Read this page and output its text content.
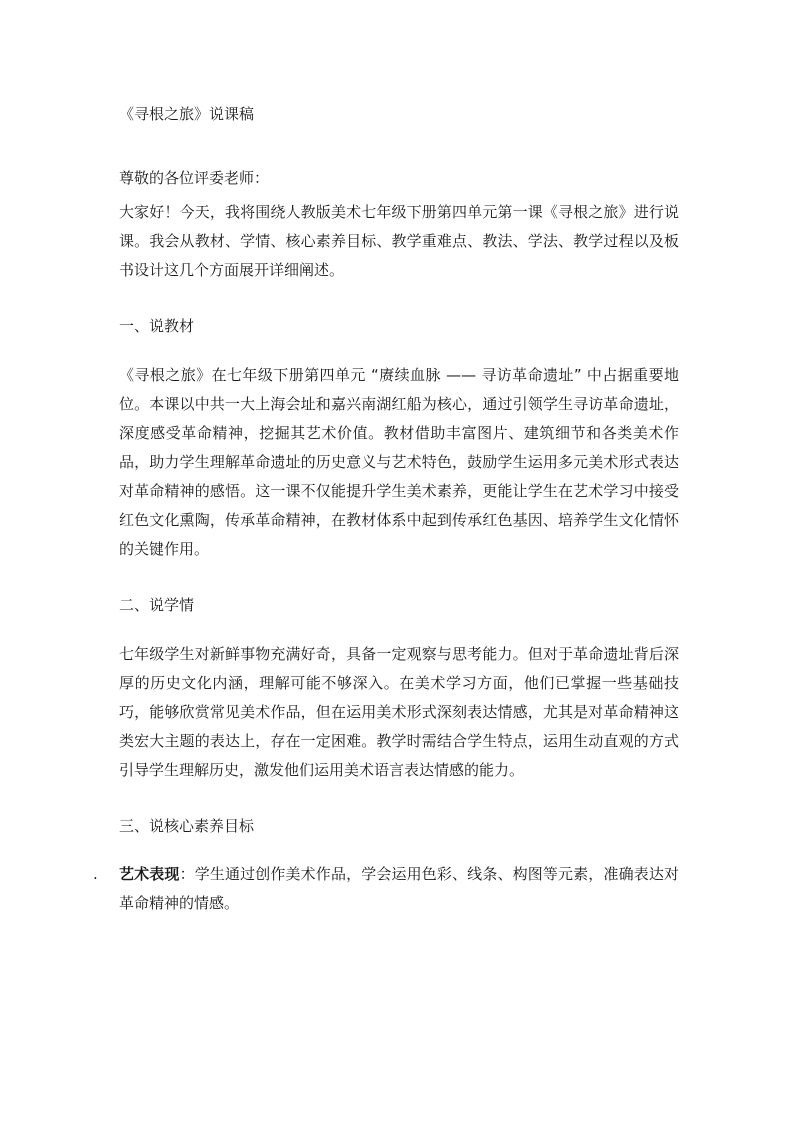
《寻根之旅》说课稿

尊敬的各位评委老师：

大家好！今天，我将围绕人教版美术七年级下册第四单元第一课《寻根之旅》进行说课。我会从教材、学情、核心素养目标、教学重难点、教法、学法、教学过程以及板书设计这几个方面展开详细阐述。

一、说教材

《寻根之旅》在七年级下册第四单元 “赓续血脉 —— 寻访革命遗址” 中占据重要地位。本课以中共一大上海会址和嘉兴南湖红船为核心，通过引领学生寻访革命遗址，深度感受革命精神，挖掘其艺术价值。教材借助丰富图片、建筑细节和各类美术作品，助力学生理解革命遗址的历史意义与艺术特色，鼓励学生运用多元美术形式表达对革命精神的感悟。这一课不仅能提升学生美术素养，更能让学生在艺术学习中接受红色文化熏陶，传承革命精神，在教材体系中起到传承红色基因、培养学生文化情怀的关键作用。

二、说学情

七年级学生对新鲜事物充满好奇，具备一定观察与思考能力。但对于革命遗址背后深厚的历史文化内涵，理解可能不够深入。在美术学习方面，他们已掌握一些基础技巧，能够欣赏常见美术作品，但在运用美术形式深刻表达情感，尤其是对革命精神这类宏大主题的表达上，存在一定困难。教学时需结合学生特点，运用生动直观的方式引导学生理解历史，激发他们运用美术语言表达情感的能力。

三、说核心素养目标

. 艺术表现：学生通过创作美术作品，学会运用色彩、线条、构图等元素，准确表达对革命精神的情感。
